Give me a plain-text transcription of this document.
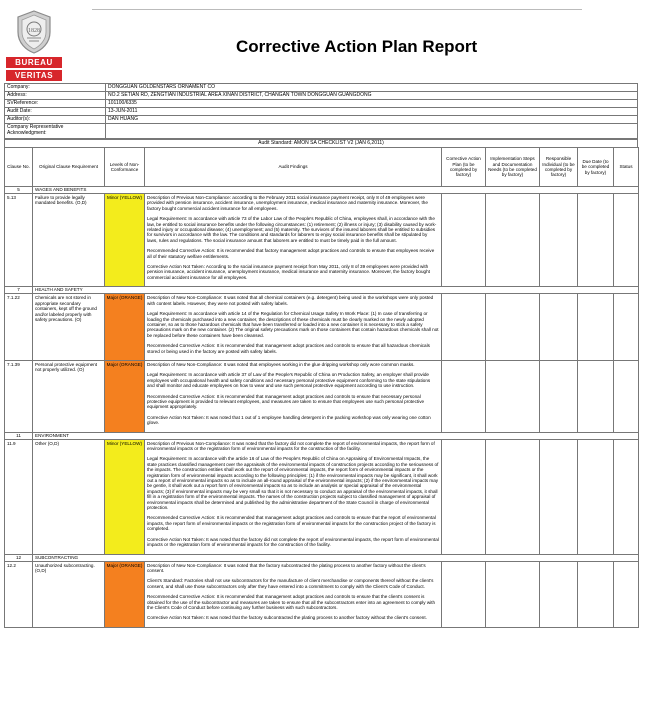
1828
BUREAU
VERITAS
Corrective Action Plan Report
Company:	DONGGUAN GOLDENSTARS ORNAMENT CO
Address:	NO.2 SETIAN RD, ZENGTIAN INDUSTRIAL AREA XINAN DISTRICT, CHANGAN TOWN DONGGUAN GUANGDONG
SVReference:	101100/6335
Audit Date:	13-JUN-2011
Auditor(s):	DAN HUANG
Company Representative Acknowledgment:	
Audit Standard: AMON SA CHECKLIST V2 (JAN 6,2011)
Clause No.	Original Clause Requirement	Levels of Non-Conformance	Audit Findings	Corrective Action Plan (to be completed by factory)	Implementation Steps and Documentation Needs (to be completed by factory)	Responsible Individual (to be completed by factory)	Due Date (to be completed by factory)	Status
5	WAGES AND BENEFITS							
5.13	Failure to provide legally mandated benefits. (O,D)	Minor (YELLOW)	Description of Previous Non-Compliance: according to the February 2011 social insurance payment receipt, only 8 of 49 employees were provided with pension insurance, accident insurance, unemployment insurance, medical insurance and maternity insurance. Moreover, the factory bought commercial accident insurance for all employees.

Legal Requirement: In accordance with article 73 of the Labor Law of the People's Republic of China, employees shall, in accordance with the law, be entitled to social insurance benefits under the following circumstances: (1) retirement; (2) illness or injury; (3) disability caused by work-related injury or occupational disease; (4) unemployment; and (5) maternity. The survivors of the insured laborers shall be entitled to subsidies for survivors in accordance with the law. The conditions and standards for laborers to enjoy social insurance benefits shall be stipulated by laws, rules and regulations. The social insurance amount that laborers are entitled to must be timely paid in the full amount.

Recommended Corrective Action: It is recommended that factory management adopt practices and controls to ensure that employees receive all of their statutory welfare entitlements.

Corrective Action Not Taken: According to the social insurance payment receipt from May 2011, only 8 of 39 employees were provided with pension insurance, accident insurance, unemployment insurance, medical insurance and maternity insurance. Moreover, the factory bought commercial accident insurance for all employees.					

7	HEALTH AND SAFETY							
7.1.22	Chemicals are not stored in appropriate secondary containers, kept off the ground and/or labeled properly with safety precautions. (O)	Major (ORANGE)	Description of New Non-Compliance: It was noted that all chemical containers (e.g. detergent) being used in the workshops were only posted with content labels. However, they were not posted with safety labels.

Legal Requirement: In accordance with article 14 of the Regulation for Chemical Usage Safety In Work Place: (1) In case of transferring or loading the chemicals purchased into a new container, the descriptions of these chemicals must be clearly marked on the newly adopted container, so as to those hazardous chemicals that have been transferred or loaded into a new container it is necessary to stick a safety precautions mark on the new container. (2) The original safety precautions mark on those containers that contain hazardous chemicals shall not be replaced before these containers have been cleansed.

Recommended Corrective Action: It is recommended that management adopt practices and controls to ensure that all hazardous chemicals stored or being used in the factory are posted with safety labels.					

7.1.39	Personal protective equipment not properly utilized. (O)	Major (ORANGE)	Description of New Non-Compliance: It was noted that employees working in the glue dripping workshop only wore common masks.

Legal Requirement: In accordance with article 37 of Law of the People's Republic of China on Production Safety, an employer shall provide employees with occupational health and safety conditions and necessary personal protective equipment conforming to the state stipulations and shall monitor and educate employees on how to wear and use such personal protective equipment according to use instruction.

Recommended Corrective Action: It is recommended that management adopt practices and controls to ensure that necessary personal protective equipment is provided to relevant employees, and measures are taken to ensure that employees use such personal protective equipment appropriately.

Corrective Action Not Taken: It was noted that 1 out of 1 employee handling detergent in the packing workshop was only wearing one cotton glove.					

11	ENVIRONMENT							
11.9	Other (O,D)	Minor (YELLOW)	Description of Previous Non-Compliance: It was noted that the factory did not complete the report of environmental impacts, the report form of environmental impacts or the registration form of environmental impacts for the construction of the facility.

Legal Requirement: In accordance with the article 16 of Law of the People's Republic of China on Appraising of Environmental Impacts, the state practices classified management over the appraisals of the environmental impacts of construction projects according to the seriousness of the impacts. The construction entities shall work out the report of environmental impacts, the report form of environmental impacts or the registration form of environmental impacts according to the following principles: (1) if the environmental impacts may be significant, it shall work out a report of environmental impacts so as to include an all-round appraisal of the environmental impacts; (2) if the environmental impacts may be gentle, it shall work out a report form of environmental impacts so as to include an analysis or special appraisal of the environmental impacts; (3) if environmental impacts may be very small so that it is not necessary to conduct an appraisal of the environmental impacts, it shall fill in a registration form of the environmental impacts. The names of the construction projects subject to classified management of appraisal of environmental impacts shall be determined and published by the administrative department of the State Council in charge of environmental protection.

Recommended Corrective Action: It is recommended that management adopt practices and controls to ensure that the report of environmental impacts, the report form of environmental impacts or the registration form of environmental impacts for the construction project of the factory is completed.

Corrective Action Not Taken: It was noted that the factory did not complete the report of environmental impacts, the report form of environmental impacts or the registration form of environmental impacts for the construction of the facility.					

12	SUBCONTRACTING							
12.2	Unauthorized subcontracting. (O,D)	Major (ORANGE)	Description of New Non-Compliance: It was noted that the factory subcontracted the plating process to another factory without the client's consent.

Client's Standard: Factories shall not use subcontractors for the manufacture of client merchandise or components thereof without the client's consent, and shall use those subcontractors only after they have entered into a commitment to comply with the Client's Code of Conduct.

Recommended Corrective Action: It is recommended that management adopt practices and controls to ensure that the client's consent is obtained for the use of the subcontractor and measures are taken to ensure that all the subcontractors enter into an agreement to comply with the Client's Code of Conduct before continuing any further business with such subcontractors.

Corrective Action Not Taken: It was noted that the factory subcontracted the plating process to another factory without the client's consent.					
